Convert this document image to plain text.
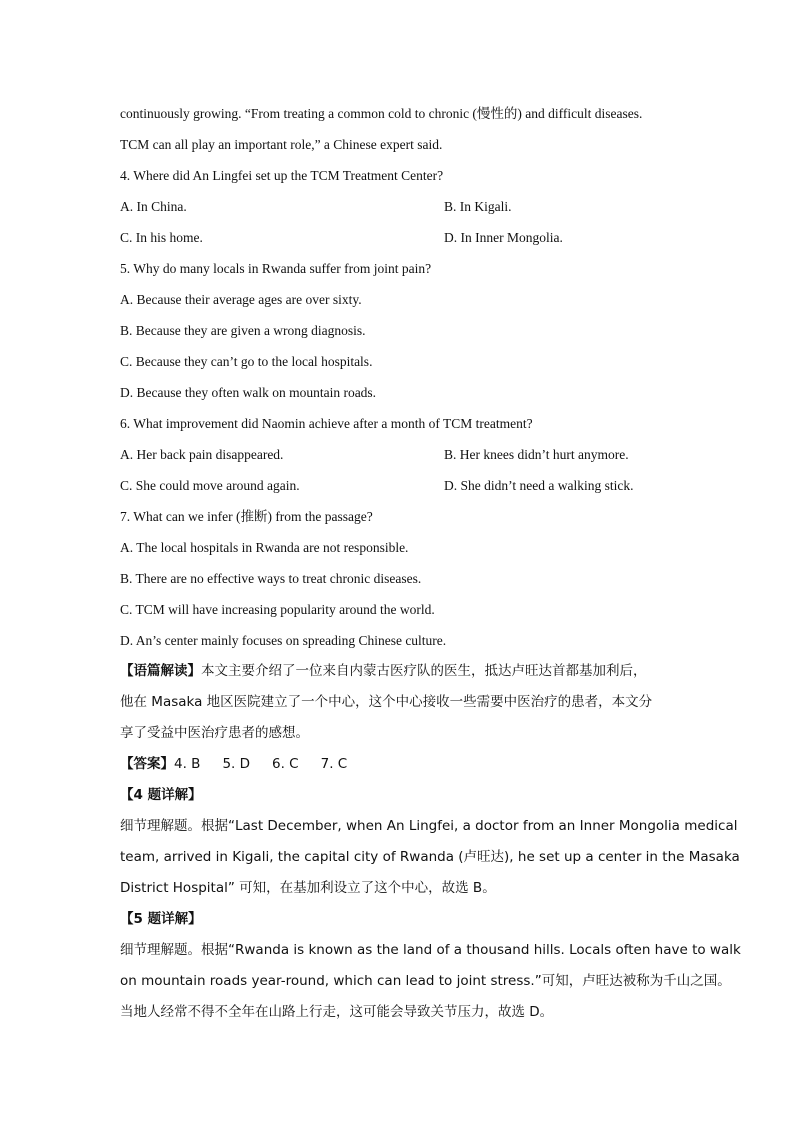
continuously growing. “From treating a common cold to chronic (慢性的) and difficult diseases.
TCM can all play an important role,” a Chinese expert said.
4. Where did An Lingfei set up the TCM Treatment Center?
A. In China.	B. In Kigali.
C. In his home.	D. In Inner Mongolia.
5. Why do many locals in Rwanda suffer from joint pain?
A. Because their average ages are over sixty.
B. Because they are given a wrong diagnosis.
C. Because they can’t go to the local hospitals.
D. Because they often walk on mountain roads.
6. What improvement did Naomin achieve after a month of TCM treatment?
A. Her back pain disappeared.	B. Her knees didn’t hurt anymore.
C. She could move around again.	D. She didn’t need a walking stick.
7. What can we infer (推断) from the passage?
A. The local hospitals in Rwanda are not responsible.
B. There are no effective ways to treat chronic diseases.
C. TCM will have increasing popularity around the world.
D. An’s center mainly focuses on spreading Chinese culture.
【语篇解读】本文主要介绍了一位来自内蒙古医疗队的医生，抵达卢旺达首都基加利后，
他在 Masaka 地区医院建立了一个中心，这个中心接收一些需要中医治疗的患者，本文分
享了受益中医治疗患者的感想。
【答案】4. B 5. D 6. C 7. C
【4 题详解】
细节理解题。根据“Last December, when An Lingfei, a doctor from an Inner Mongolia medical
team, arrived in Kigali, the capital city of Rwanda (卢旺达), he set up a center in the Masaka
District Hospital” 可知，在基加利设立了这个中心，故选 B。
【5 题详解】
细节理解题。根据“Rwanda is known as the land of a thousand hills. Locals often have to walk
on mountain roads year-round, which can lead to joint stress.”可知，卢旺达被称为千山之国。
当地人经常不得不全年在山路上行走，这可能会导致关节压力，故选 D。
